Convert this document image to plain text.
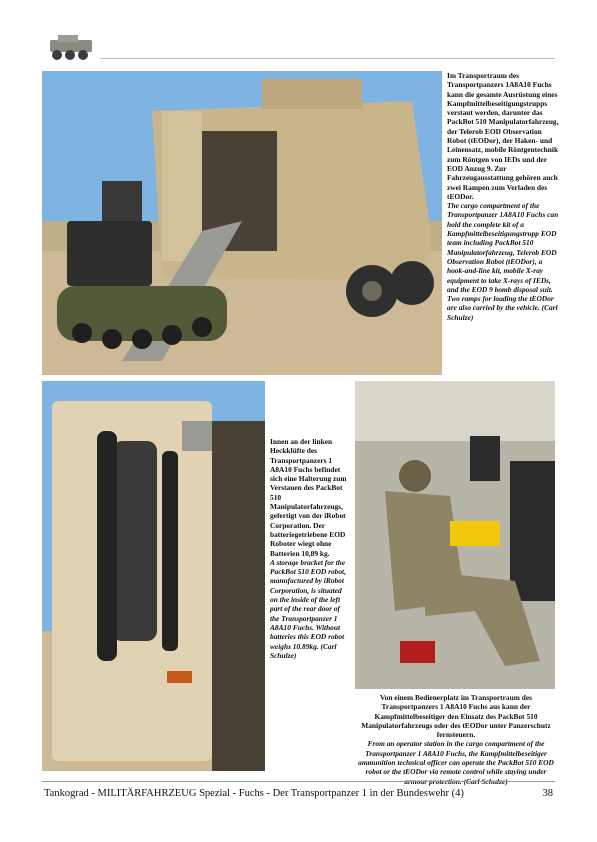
Im Transportraum des Transportpanzers 1A8A10 Fuchs kann die gesamte Ausrüstung eines Kampfmittelbeseitigungstrupps verstaut werden, darunter das PackBot 510 Manipulatorfahrzeug, der Telerob EOD Observation Robot (tEODor), der Haken- und Leinensatz, mobile Röntgentechnik zum Röntgen von IEDs und der EOD Anzug 9. Zur Fahrzeugausstattung gehören auch zwei Rampen zum Verladen des tEODor.
The cargo compartment of the Transportpanzer 1A8A10 Fuchs can hold the complete kit of a Kampfmittelbeseitigungstrupp EOD team including PackBot 510 Manipulatorfahrzeug, Telerob EOD Observation Robot (tEODor), a hook-and-line kit, mobile X-ray equipment to take X-rays of IEDs, and the EOD 9 bomb disposal suit. Two ramps for loading the tEODor are also carried by the vehicle. (Carl Schulze)
Innen an der linken Heckklüfte des Transportpanzers 1 A8A10 Fuchs befindet sich eine Halterung zum Verstauen des PackBot 510 Manipulatorfahrzeugs, gefertigt von der iRobot Corporation. Der batteriegetriebene EOD Roboter wiegt ohne Batterien 10,89 kg.
A storage bracket for the PackBot 510 EOD robot, manufactured by iRobot Corporation, is situated on the inside of the left part of the rear door of the Transportpanzer 1 A8A10 Fuchs. Without batteries this EOD robot weighs 10.89kg. (Carl Schulze)
Von einem Bedienerplatz im Transportraum des Transportpanzers 1 A8A10 Fuchs aus kann der Kampfmittelbeseitiger den Einsatz des PackBot 510 Manipulatorfahrzeugs oder des tEODor unter Panzerschutz fernsteuern.
From an operator station in the cargo compartment of the Transportpanzer 1 A8A10 Fuchs, the Kampfmittelbeseitiger ammunition technical officer can operate the PackBot 510 EOD robot or the tEODor via remote control while staying under
Tankograd - MILITÄRFAHRZEUG Spezial - Fuchs - Der Transportpanzer 1 in der Bundeswehr (4)	38
